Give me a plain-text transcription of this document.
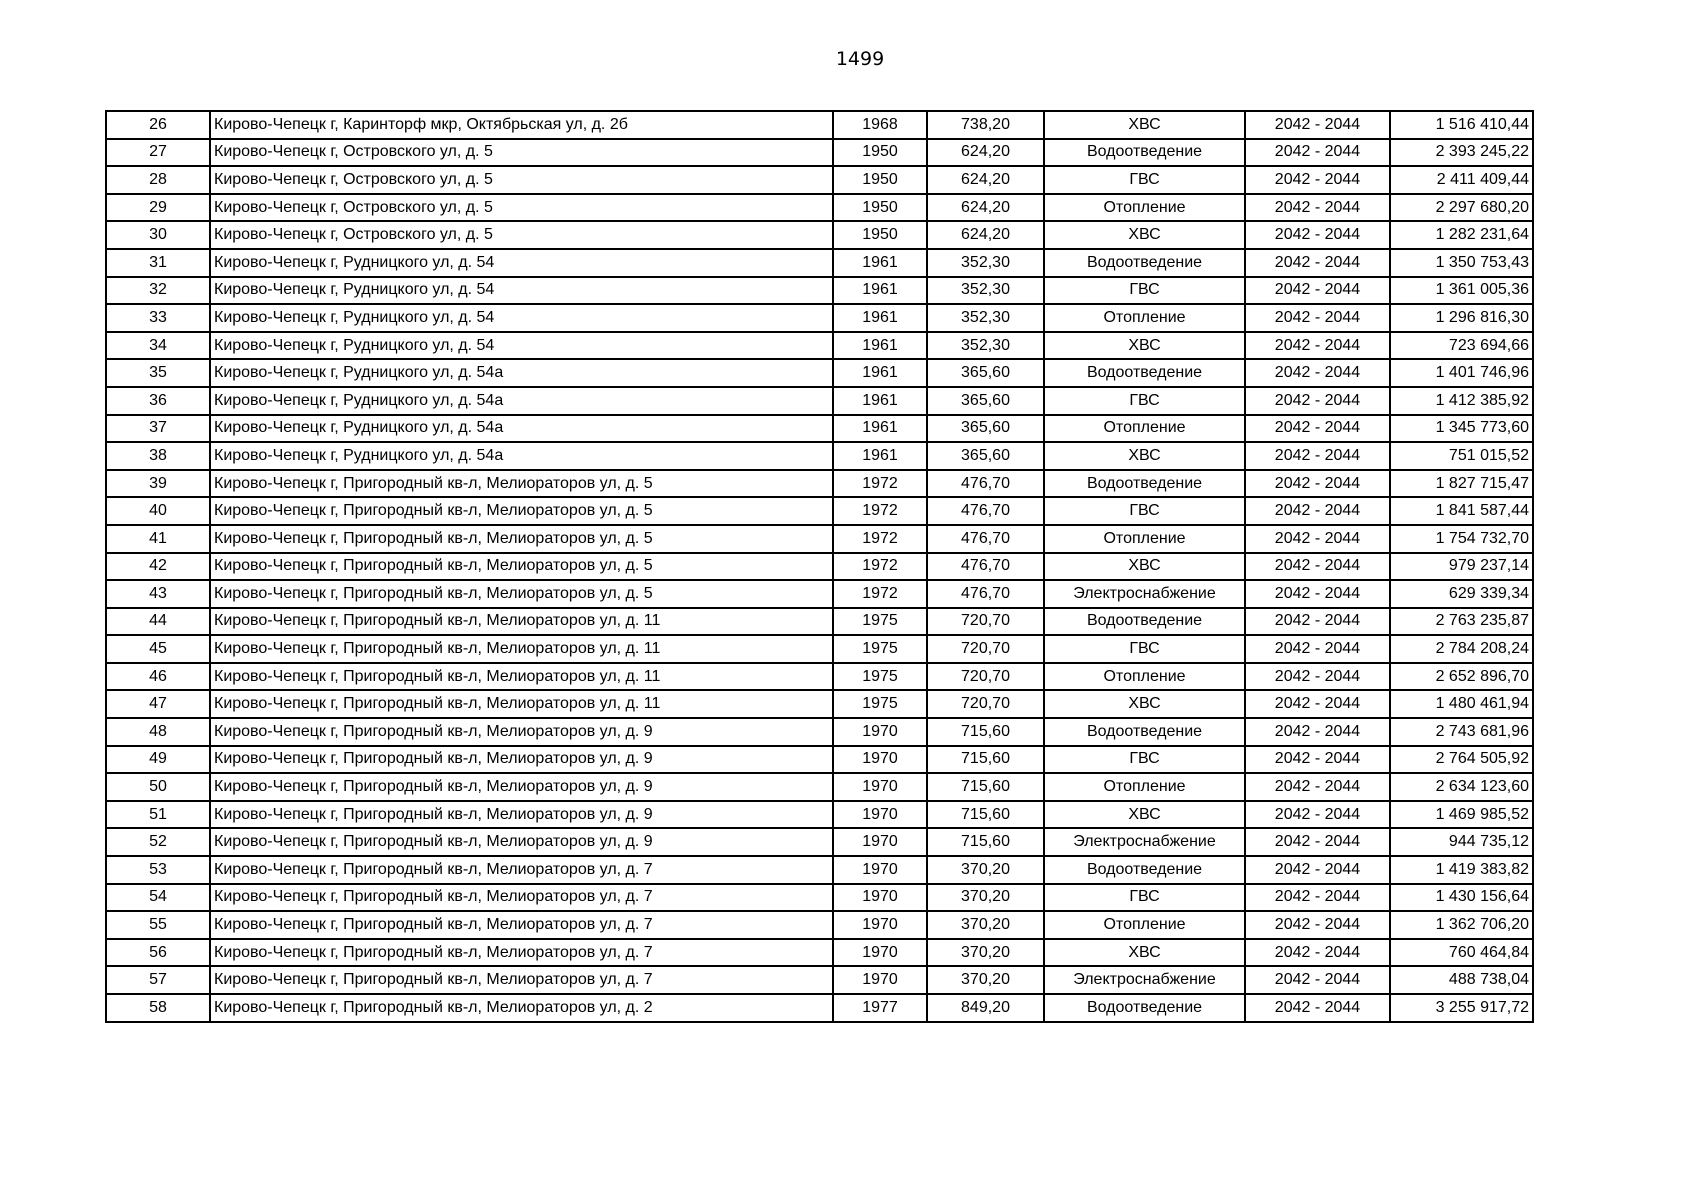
1499
26	Кирово-Чепецк г, Каринторф мкр, Октябрьская ул, д. 2б	1968	738,20	ХВС	2042 - 2044	1 516 410,44
27	Кирово-Чепецк г, Островского ул, д. 5	1950	624,20	Водоотведение	2042 - 2044	2 393 245,22
28	Кирово-Чепецк г, Островского ул, д. 5	1950	624,20	ГВС	2042 - 2044	2 411 409,44
29	Кирово-Чепецк г, Островского ул, д. 5	1950	624,20	Отопление	2042 - 2044	2 297 680,20
30	Кирово-Чепецк г, Островского ул, д. 5	1950	624,20	ХВС	2042 - 2044	1 282 231,64
31	Кирово-Чепецк г, Рудницкого ул, д. 54	1961	352,30	Водоотведение	2042 - 2044	1 350 753,43
32	Кирово-Чепецк г, Рудницкого ул, д. 54	1961	352,30	ГВС	2042 - 2044	1 361 005,36
33	Кирово-Чепецк г, Рудницкого ул, д. 54	1961	352,30	Отопление	2042 - 2044	1 296 816,30
34	Кирово-Чепецк г, Рудницкого ул, д. 54	1961	352,30	ХВС	2042 - 2044	723 694,66
35	Кирово-Чепецк г, Рудницкого ул, д. 54а	1961	365,60	Водоотведение	2042 - 2044	1 401 746,96
36	Кирово-Чепецк г, Рудницкого ул, д. 54а	1961	365,60	ГВС	2042 - 2044	1 412 385,92
37	Кирово-Чепецк г, Рудницкого ул, д. 54а	1961	365,60	Отопление	2042 - 2044	1 345 773,60
38	Кирово-Чепецк г, Рудницкого ул, д. 54а	1961	365,60	ХВС	2042 - 2044	751 015,52
39	Кирово-Чепецк г, Пригородный кв-л, Мелиораторов ул, д. 5	1972	476,70	Водоотведение	2042 - 2044	1 827 715,47
40	Кирово-Чепецк г, Пригородный кв-л, Мелиораторов ул, д. 5	1972	476,70	ГВС	2042 - 2044	1 841 587,44
41	Кирово-Чепецк г, Пригородный кв-л, Мелиораторов ул, д. 5	1972	476,70	Отопление	2042 - 2044	1 754 732,70
42	Кирово-Чепецк г, Пригородный кв-л, Мелиораторов ул, д. 5	1972	476,70	ХВС	2042 - 2044	979 237,14
43	Кирово-Чепецк г, Пригородный кв-л, Мелиораторов ул, д. 5	1972	476,70	Электроснабжение	2042 - 2044	629 339,34
44	Кирово-Чепецк г, Пригородный кв-л, Мелиораторов ул, д. 11	1975	720,70	Водоотведение	2042 - 2044	2 763 235,87
45	Кирово-Чепецк г, Пригородный кв-л, Мелиораторов ул, д. 11	1975	720,70	ГВС	2042 - 2044	2 784 208,24
46	Кирово-Чепецк г, Пригородный кв-л, Мелиораторов ул, д. 11	1975	720,70	Отопление	2042 - 2044	2 652 896,70
47	Кирово-Чепецк г, Пригородный кв-л, Мелиораторов ул, д. 11	1975	720,70	ХВС	2042 - 2044	1 480 461,94
48	Кирово-Чепецк г, Пригородный кв-л, Мелиораторов ул, д. 9	1970	715,60	Водоотведение	2042 - 2044	2 743 681,96
49	Кирово-Чепецк г, Пригородный кв-л, Мелиораторов ул, д. 9	1970	715,60	ГВС	2042 - 2044	2 764 505,92
50	Кирово-Чепецк г, Пригородный кв-л, Мелиораторов ул, д. 9	1970	715,60	Отопление	2042 - 2044	2 634 123,60
51	Кирово-Чепецк г, Пригородный кв-л, Мелиораторов ул, д. 9	1970	715,60	ХВС	2042 - 2044	1 469 985,52
52	Кирово-Чепецк г, Пригородный кв-л, Мелиораторов ул, д. 9	1970	715,60	Электроснабжение	2042 - 2044	944 735,12
53	Кирово-Чепецк г, Пригородный кв-л, Мелиораторов ул, д. 7	1970	370,20	Водоотведение	2042 - 2044	1 419 383,82
54	Кирово-Чепецк г, Пригородный кв-л, Мелиораторов ул, д. 7	1970	370,20	ГВС	2042 - 2044	1 430 156,64
55	Кирово-Чепецк г, Пригородный кв-л, Мелиораторов ул, д. 7	1970	370,20	Отопление	2042 - 2044	1 362 706,20
56	Кирово-Чепецк г, Пригородный кв-л, Мелиораторов ул, д. 7	1970	370,20	ХВС	2042 - 2044	760 464,84
57	Кирово-Чепецк г, Пригородный кв-л, Мелиораторов ул, д. 7	1970	370,20	Электроснабжение	2042 - 2044	488 738,04
58	Кирово-Чепецк г, Пригородный кв-л, Мелиораторов ул, д. 2	1977	849,20	Водоотведение	2042 - 2044	3 255 917,72
